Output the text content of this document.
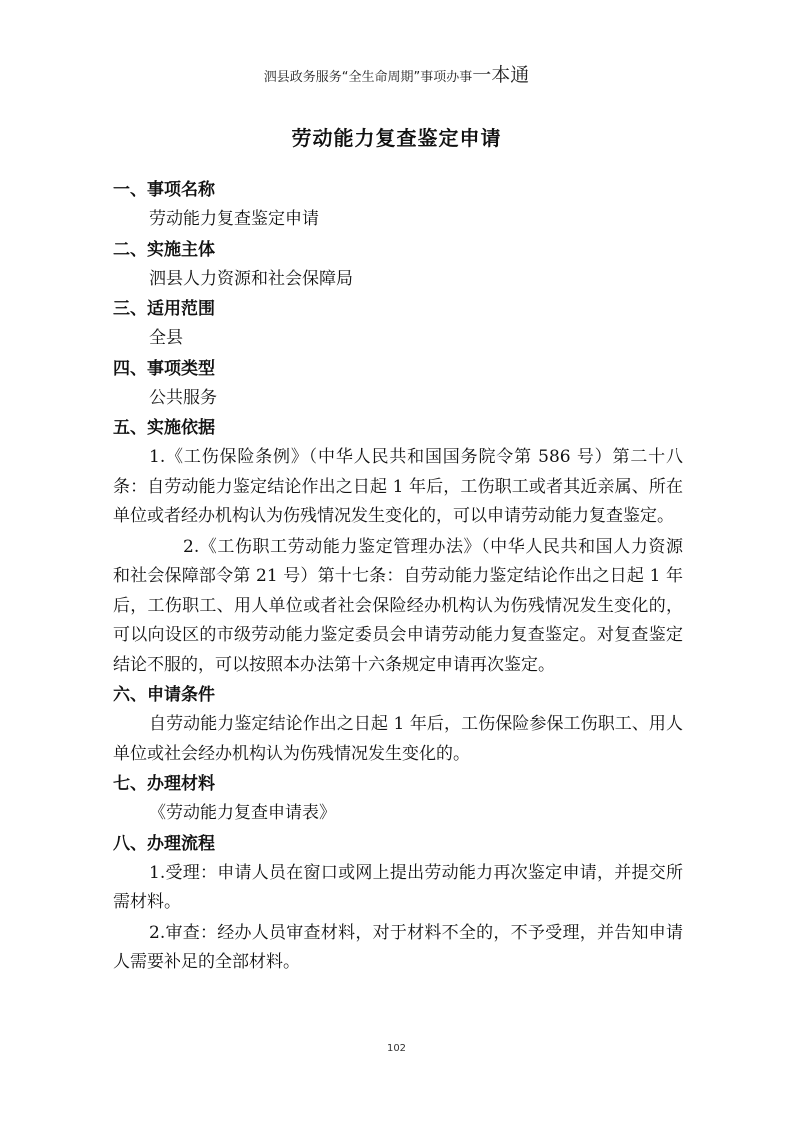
泗县政务服务“全生命周期”事项办事一本通
劳动能力复查鉴定申请
一、事项名称
劳动能力复查鉴定申请
二、实施主体
泗县人力资源和社会保障局
三、适用范围
全县
四、事项类型
公共服务
五、实施依据
1.《工伤保险条例》（中华人民共和国国务院令第 586 号）第二十八条：自劳动能力鉴定结论作出之日起 1 年后，工伤职工或者其近亲属、所在单位或者经办机构认为伤残情况发生变化的，可以申请劳动能力复查鉴定。
2.《工伤职工劳动能力鉴定管理办法》（中华人民共和国人力资源和社会保障部令第 21 号）第十七条：自劳动能力鉴定结论作出之日起 1 年后，工伤职工、用人单位或者社会保险经办机构认为伤残情况发生变化的，可以向设区的市级劳动能力鉴定委员会申请劳动能力复查鉴定。对复查鉴定结论不服的，可以按照本办法第十六条规定申请再次鉴定。
六、申请条件
自劳动能力鉴定结论作出之日起 1 年后，工伤保险参保工伤职工、用人单位或社会经办机构认为伤残情况发生变化的。
七、办理材料
《劳动能力复查申请表》
八、办理流程
1.受理：申请人员在窗口或网上提出劳动能力再次鉴定申请，并提交所需材料。
2.审查：经办人员审查材料，对于材料不全的，不予受理，并告知申请人需要补足的全部材料。
102
